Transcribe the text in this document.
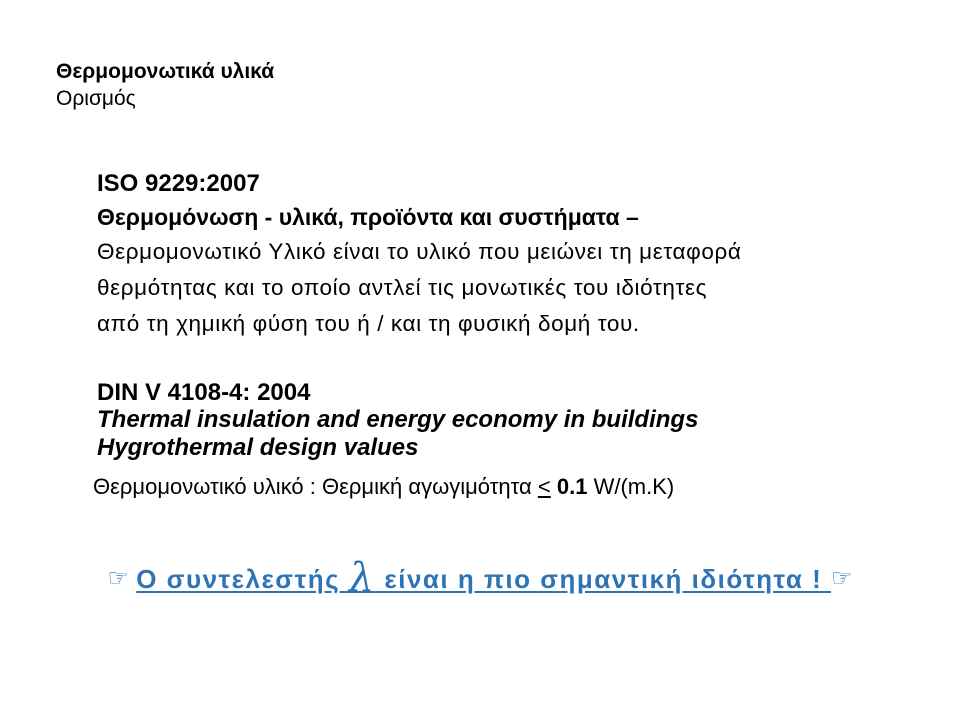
Θερμομονωτικά υλικά

Ορισμός

ISO 9229:2007

Θερμομόνωση - υλικά, προϊόντα και συστήματα –

Θερμομονωτικό Υλικό είναι το υλικό που μειώνει τη μεταφορά

θερμότητας και το οποίο αντλεί τις μονωτικές του ιδιότητες

από τη χημική φύση του ή / και τη φυσική δομή του.

DIN V 4108-4: 2004

Thermal insulation and energy economy in buildings

Hygrothermal design values

Θερμομονωτικό υλικό : Θερμική αγωγιμότητα ≤ 0.1 W/(m.K)

☞ Ο συντελεστής λ είναι η πιο σημαντική ιδιότητα ! ☞
